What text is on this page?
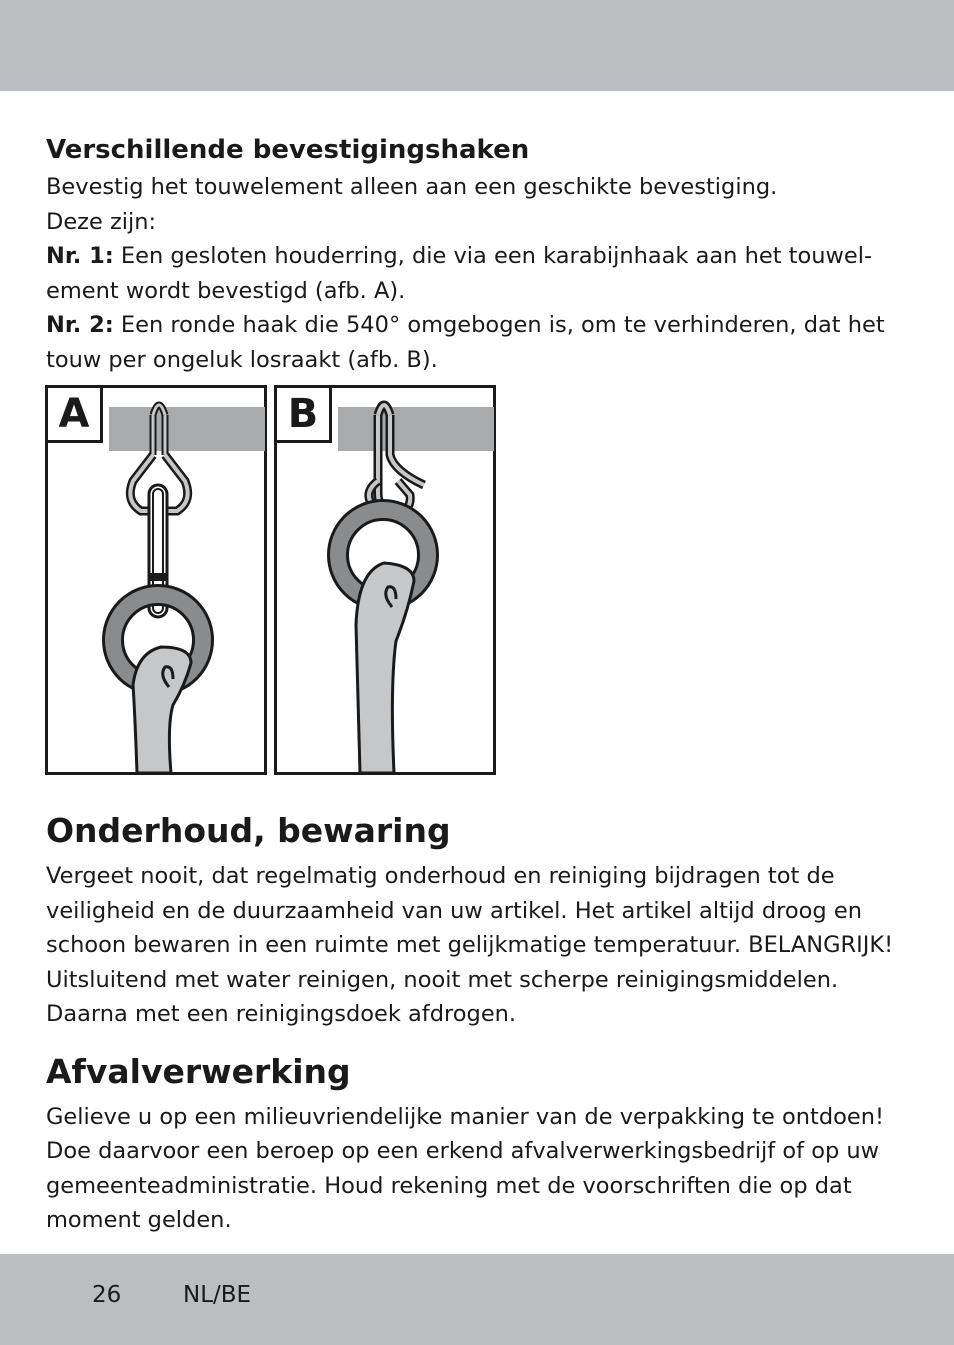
Verschillende bevestigingshaken

Bevestig het touwelement alleen aan een geschikte bevestiging.

Deze zijn:

Nr. 1: Een gesloten houderring, die via een karabijnhaak aan het touwel-ement wordt bevestigd (afb. A).

Nr. 2: Een ronde haak die 540° omgebogen is, om te verhinderen, dat het touw per ongeluk losraakt (afb. B).

A	B
Onderhoud, bewaring

Vergeet nooit, dat regelmatig onderhoud en reiniging bijdragen tot de veiligheid en de duurzaamheid van uw artikel. Het artikel altijd droog en schoon bewaren in een ruimte met gelijkmatige temperatuur. BELANGRIJK! Uitsluitend met water reinigen, nooit met scherpe reinigingsmiddelen. Daarna met een reinigingsdoek afdrogen.

Afvalverwerking

Gelieve u op een milieuvriendelijke manier van de verpakking te ontdoen! Doe daarvoor een beroep op een erkend afvalverwerkingsbedrijf of op uw gemeenteadministratie. Houd rekening met de voorschriften die op dat moment gelden.

26	NL/BE
